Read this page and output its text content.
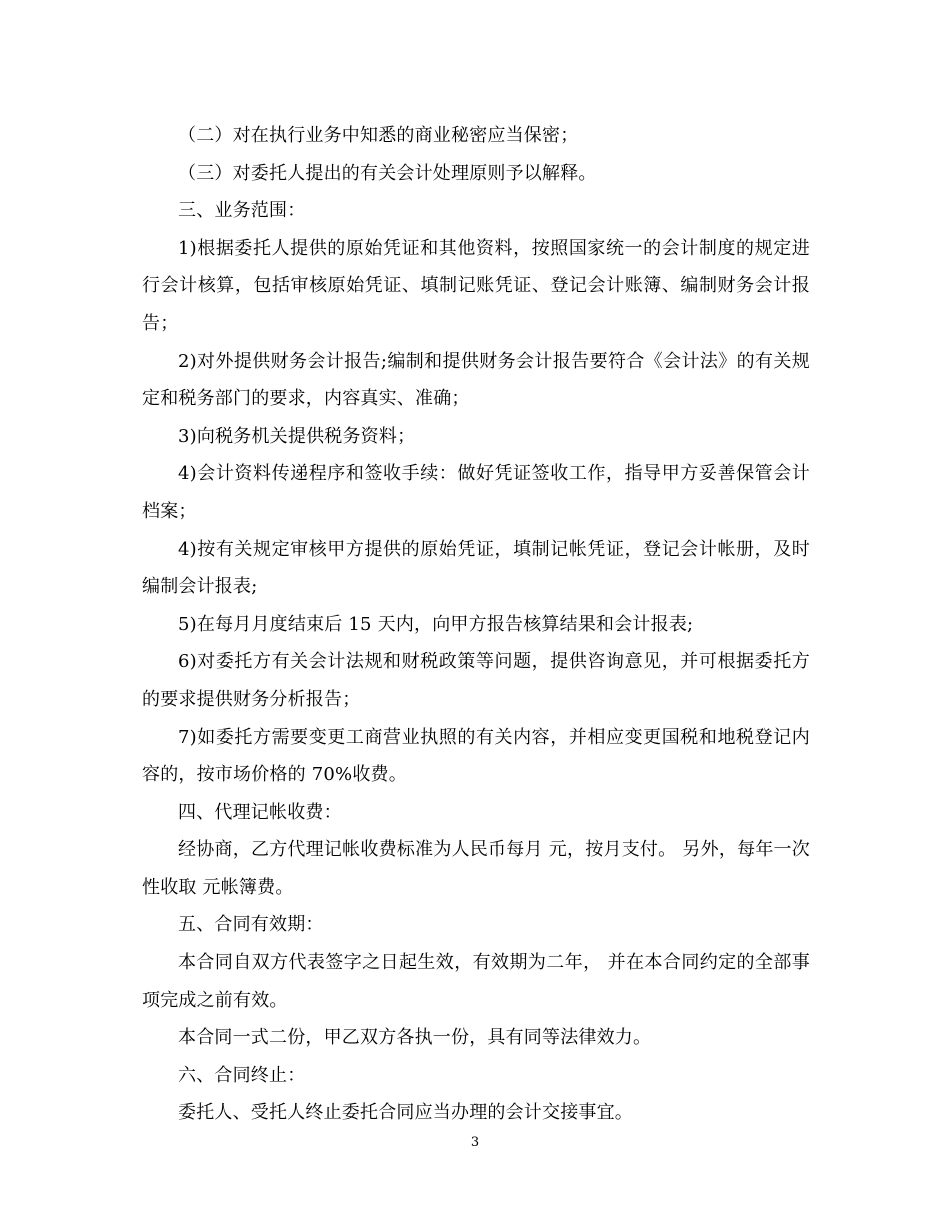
（二）对在执行业务中知悉的商业秘密应当保密；

（三）对委托人提出的有关会计处理原则予以解释。

三、业务范围：

1)根据委托人提供的原始凭证和其他资料，按照国家统一的会计制度的规定进行会计核算，包括审核原始凭证、填制记账凭证、登记会计账簿、编制财务会计报告；

2)对外提供财务会计报告;编制和提供财务会计报告要符合《会计法》的有关规定和税务部门的要求，内容真实、准确；

3)向税务机关提供税务资料；

4)会计资料传递程序和签收手续：做好凭证签收工作，指导甲方妥善保管会计档案；

4)按有关规定审核甲方提供的原始凭证，填制记帐凭证，登记会计帐册，及时编制会计报表;

5)在每月月度结束后 15 天内，向甲方报告核算结果和会计报表;

6)对委托方有关会计法规和财税政策等问题，提供咨询意见，并可根据委托方的要求提供财务分析报告；

7)如委托方需要变更工商营业执照的有关内容，并相应变更国税和地税登记内容的，按市场价格的 70%收费。

四、代理记帐收费：

经协商，乙方代理记帐收费标准为人民币每月 元，按月支付。 另外，每年一次性收取 元帐簿费。

五、合同有效期：

本合同自双方代表签字之日起生效，有效期为二年， 并在本合同约定的全部事项完成之前有效。

本合同一式二份，甲乙双方各执一份，具有同等法律效力。

六、合同终止：

委托人、受托人终止委托合同应当办理的会计交接事宜。

3
